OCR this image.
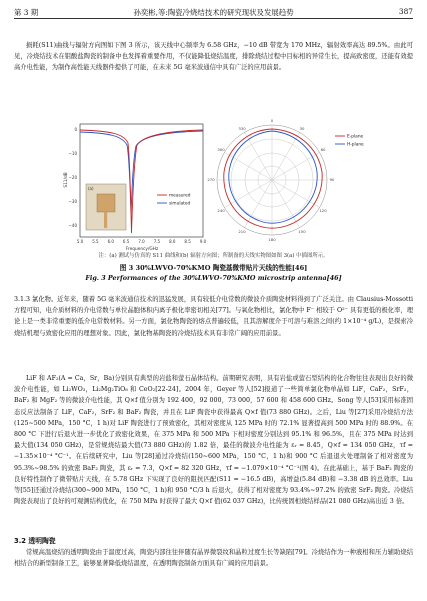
第 3 期	孙奕彬,等:陶瓷冷烧结技术的研究现状及发展趋势	387

损耗(S11)曲线与辐射方向图如下图 3 所示，该天线中心频率为 6.58 GHz，−10 dB 带宽为 170 MHz，辐射效率高达 89.5%。由此可见，冷烧结技术在钼酸盐陶瓷的制备中也发挥着重要作用，不仅能降低烧结温度，排除烧结过程中目标相的异常生长，提高致密度，还能有效提高介电性能，为制作高性能天线器件提供了可能，在未来 5G 毫米波通信中具有广泛的应用前景。

5.0 5.5 6.0 6.5 7.0 7.5 8.0 8.5 9.0
0
−10
−20
−30
−40
Frequency/GHz
S11/dB
measured
simulated
(a)
0
30
60
90
120
150
180
210
240
270
300
330
E-plane
H-plane

注：(a) 测试与仿真的 S11 曲线和(b) 辐射方向图；所制备的天线实物图如图 3(a) 中插图所示。

图 3 30%LWVO-70%KMO 陶瓷基微带贴片天线的性能[46]

Fig. 3 Performances of the 30%LWVO-70%KMO microstrip antenna[46]

3.1.3 氯化物。近年来，随着 5G 毫米波通信技术的迅猛发展，具有较低介电常数的微波介质陶瓷材料得到了广泛关注。由 Clausius-Mossotti 方程可知，电介质材料的介电常数与单位晶胞体积内离子极化率密切相关[77]。与氧化物相比，氯化物中 F⁻ 相较于 O²⁻ 具有更低的极化率，理论上是一类非常重要的低介电常数材料。另一方面，氯化物陶瓷的熔点普遍较低，且其溶解度介于可溶与难溶之间(约 1×10⁻⁴ g/L)，是探索冷烧结机理与致密化应用的理想对象。因此，氯化物基陶瓷的冷烧结技术具有非常广阔的应用前景。

LiF 和 AF₂(A = Ca，Sr，Ba)分别具有典型的岩盐和萤石晶体结构。前期研究表明，具有岩盐或萤石型结构的化合物往往表现出良好的微波介电性能，如 Li₂WO₃，Li₂Mg₂TiO₈ 和 CeO₂[22-24]。2004 年，Geyer 等人[52]报道了一些简单氯化物单晶如 LiF，CaF₂，SrF₂，BaF₂ 和 MgF₂ 等的微波介电性能，其 Q×f 值分别为 192 400，92 000，73 000，57 600 和 458 600 GHz。Song 等人[53]采用标准固态反应法制备了 LiF，CaF₂，SrF₂ 和 BaF₂ 陶瓷，并且在 LiF 陶瓷中获得最高 Q×f 值(73 880 GHz)。之后，Liu 等[27]采用冷烧结方法(125~500 MPa，150 °C，1 h)对 LiF 陶瓷进行了预致密化，其相对密度从 125 MPa 时的 72.1% 显著提高到 500 MPa 时的 88.9%。在 800 °C 下进行后退火进一步优化了致密化效果，在 375 MPa 和 500 MPa 下相对密度分别达到 95.1% 和 96.5%，且在 375 MPa 时达到最大值(134 050 GHz)，是常规烧结最大值(73 880 GHz)的 1.82 倍，最佳的微波介电性能为 εᵣ = 8.45，Q×f = 134 050 GHz，τf = −1.35×10⁻⁴ °C⁻¹。在后续研究中，Liu 等[28]通过冷烧结(150~600 MPa，150 °C，1 h)和 900 °C 后退退火处理制备了相对密度为 95.3%~98.5% 的致密 BaF₂ 陶瓷，其 εᵣ = 7.3，Q×f = 82 320 GHz，τf = −1.079×10⁻⁴ °C⁻¹(图 4)。在此基础上，基于 BaF₂ 陶瓷的良好特性制作了微带贴片天线，在 5.78 GHz 下实现了良好的阻抗匹配(S11 = −16.5 dB)，高增益(5.84 dB)和 −3.38 dB 的总效率。Liu 等[55]还通过冷烧结(300~900 MPa，150 °C，1 h)和 950 °C/3 h 后退火，获得了相对密度为 93.4%~97.2% 的致密 SrF₂ 陶瓷。冷烧结陶瓷表现出了良好的可观测结构优化，在 750 MPa 时获得了最大 Q×f 值(62 037 GHz)，比传统固相烧结样品(21 080 GHz)高出近 3 倍。

3.2 透明陶瓷

常规高温烧结的透明陶瓷由于温度过高，陶瓷内部往往伴随有晶界微裂纹和晶粒过度生长等缺陷[79]。冷烧结作为一种液相和压力辅助烧结相结合的新型制备工艺，能够显著降低烧结温度，在透明陶瓷制备方面具有广阔的应用前景。
